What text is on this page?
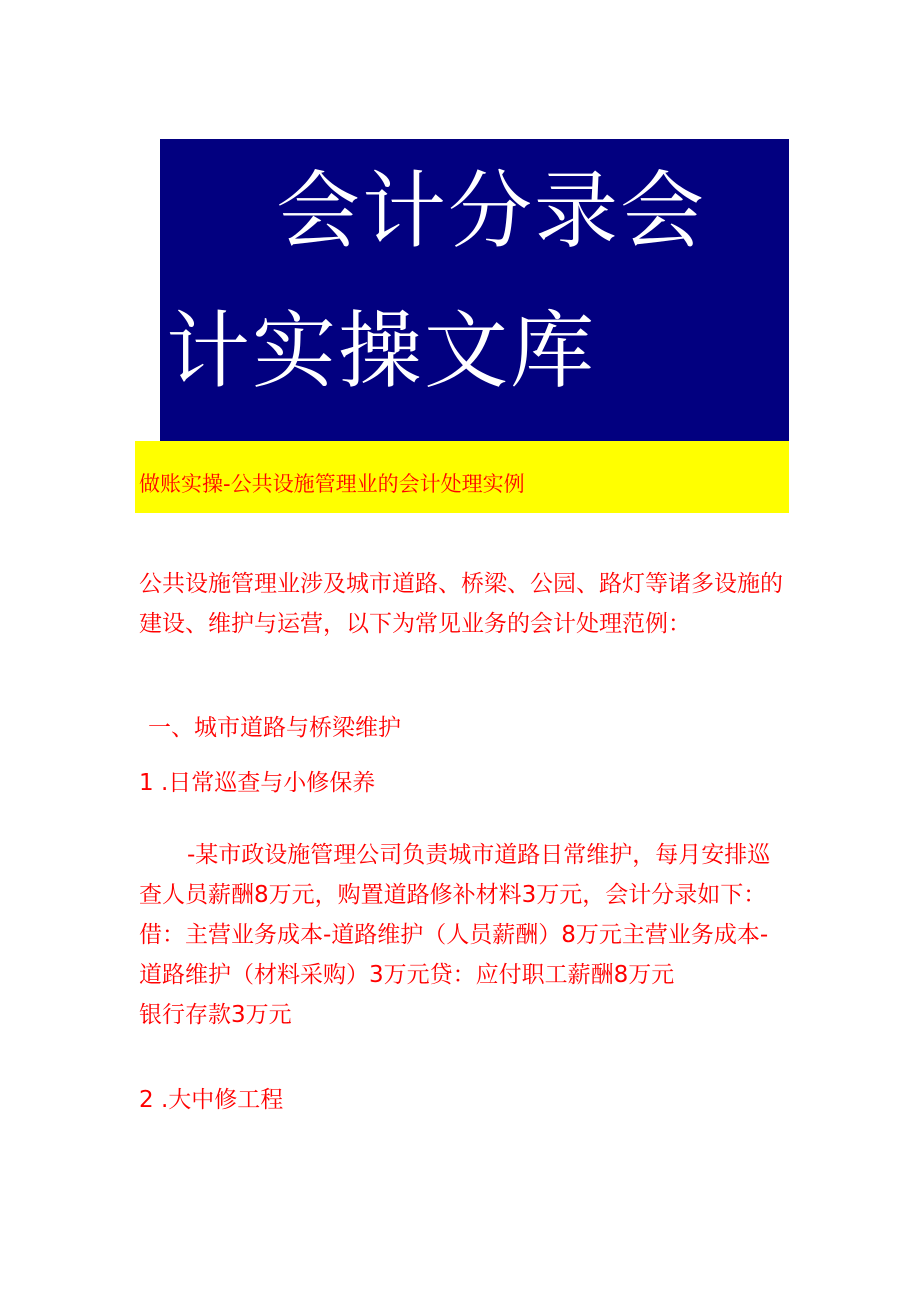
会计分录会
计实操文库
做账实操-公共设施管理业的会计处理实例
公共设施管理业涉及城市道路、桥梁、公园、路灯等诸多设施的
建设、维护与运营，以下为常见业务的会计处理范例：
一、城市道路与桥梁维护
1 .日常巡查与小修保养
-某市政设施管理公司负责城市道路日常维护，每月安排巡
查人员薪酬8万元，购置道路修补材料3万元，会计分录如下：
借：主营业务成本-道路维护（人员薪酬）8万元主营业务成本-
道路维护（材料采购）3万元贷：应付职工薪酬8万元
银行存款3万元
2 .大中修工程
